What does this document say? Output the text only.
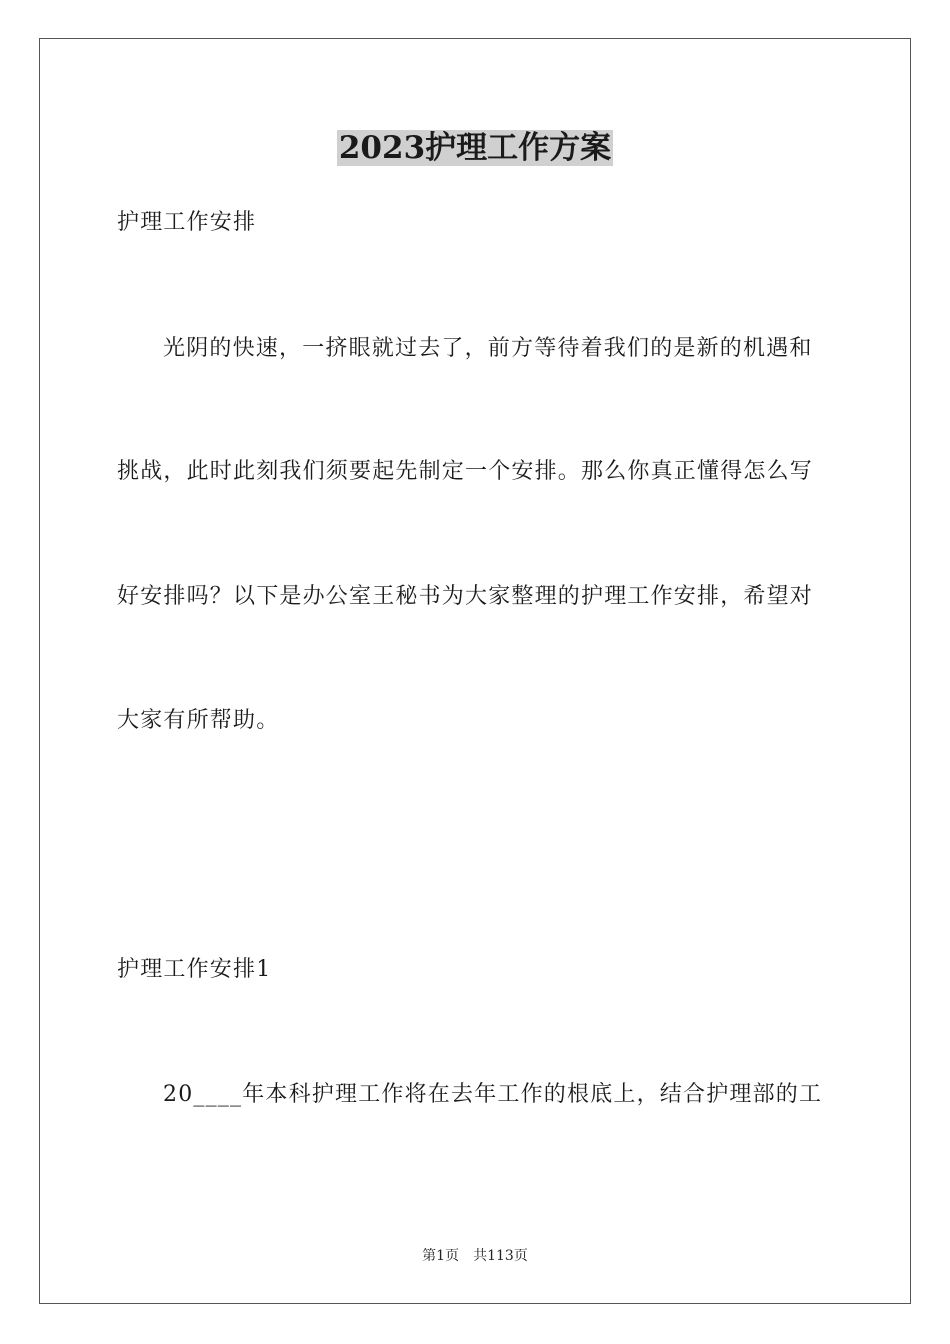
2023护理工作方案
护理工作安排
光阴的快速，一挤眼就过去了，前方等待着我们的是新的机遇和
挑战，此时此刻我们须要起先制定一个安排。那么你真正懂得怎么写
好安排吗？以下是办公室王秘书为大家整理的护理工作安排，希望对
大家有所帮助。
护理工作安排1
20____年本科护理工作将在去年工作的根底上，结合护理部的工
第1页 共113页
